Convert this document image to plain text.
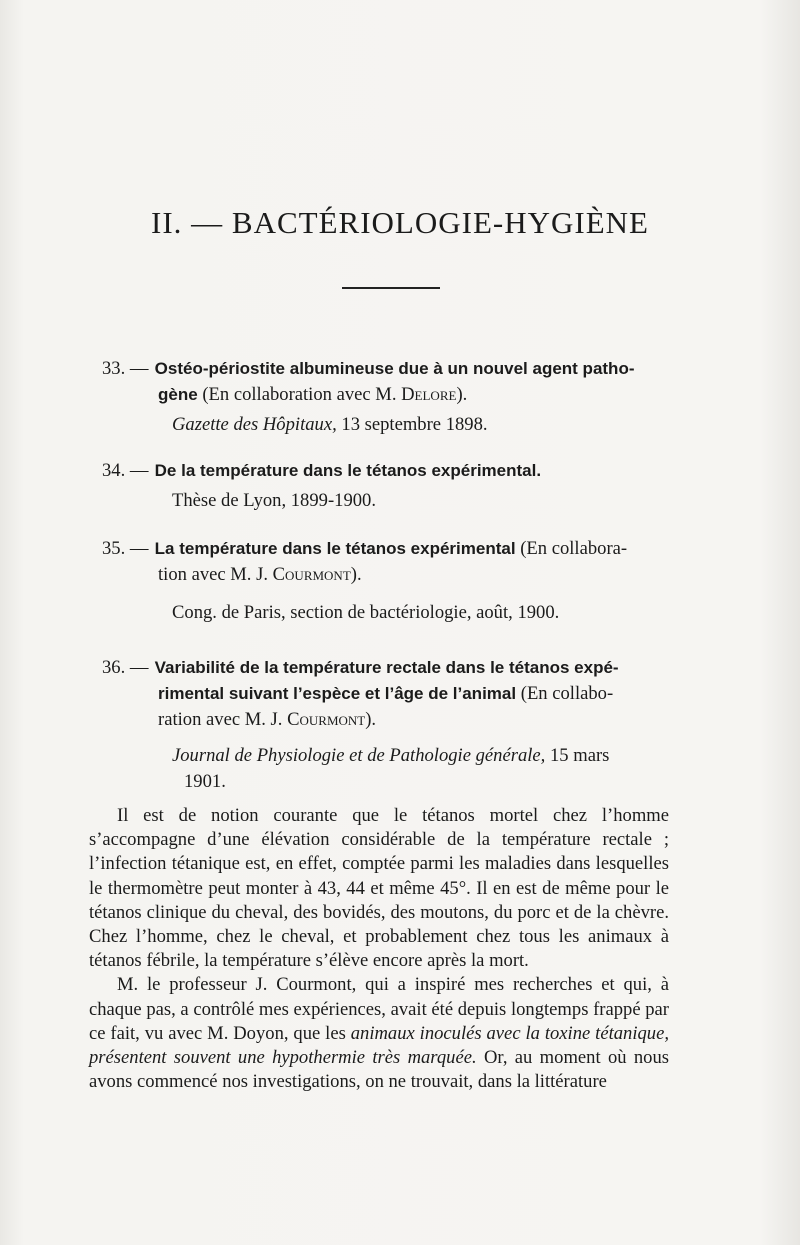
II. — BACTÉRIOLOGIE-HYGIÈNE
33. — Ostéo-périostite albumineuse due à un nouvel agent patho-
gène (En collaboration avec M. Delore).
Gazette des Hôpitaux, 13 septembre 1898.
34. — De la température dans le tétanos expérimental.
Thèse de Lyon, 1899-1900.
35. — La température dans le tétanos expérimental (En collabora-
tion avec M. J. Courmont).
Cong. de Paris, section de bactériologie, août, 1900.
36. — Variabilité de la température rectale dans le tétanos expé-
rimental suivant l’espèce et l’âge de l’animal (En collabo-
ration avec M. J. Courmont).
Journal de Physiologie et de Pathologie générale, 15 mars
1901.

Il est de notion courante que le tétanos mortel chez l’homme s’accompagne d’une élévation considérable de la température rectale ; l’infection tétanique est, en effet, comptée parmi les maladies dans lesquelles le thermomètre peut monter à 43, 44 et même 45°. Il en est de même pour le tétanos clinique du cheval, des bovidés, des moutons, du porc et de la chèvre. Chez l’homme, chez le cheval, et probablement chez tous les animaux à tétanos fébrile, la température s’élève encore après la mort.

M. le professeur J. Courmont, qui a inspiré mes recherches et qui, à chaque pas, a contrôlé mes expériences, avait été depuis longtemps frappé par ce fait, vu avec M. Doyon, que les animaux inoculés avec la toxine tétanique, présentent souvent une hypothermie très marquée. Or, au moment où nous avons commencé nos investigations, on ne trouvait, dans la littérature
